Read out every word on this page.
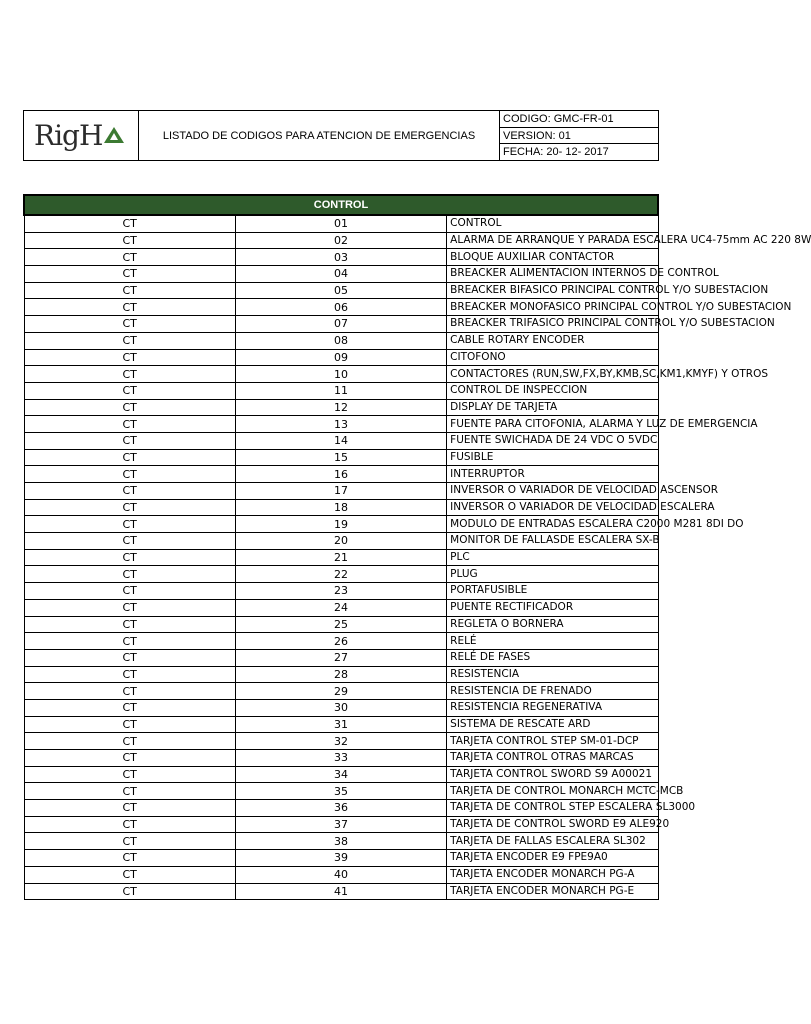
RigH	LISTADO DE CODIGOS PARA ATENCION DE EMERGENCIAS
CODIGO: GMC-FR-01
VERSION: 01
FECHA: 20- 12- 2017
CONTROL		
CT	01	CONTROL
CT	02	ALARMA DE ARRANQUE Y PARADA ESCALERA UC4-75mm AC 220 8W
CT	03	BLOQUE AUXILIAR CONTACTOR
CT	04	BREACKER ALIMENTACION INTERNOS DE CONTROL
CT	05	BREACKER BIFASICO PRINCIPAL CONTROL Y/O SUBESTACION
CT	06	BREACKER MONOFASICO PRINCIPAL CONTROL Y/O SUBESTACION
CT	07	BREACKER TRIFASICO PRINCIPAL CONTROL Y/O SUBESTACION
CT	08	CABLE ROTARY ENCODER
CT	09	CITOFONO
CT	10	CONTACTORES (RUN,SW,FX,BY,KMB,SC,KM1,KMYF) Y OTROS
CT	11	CONTROL DE INSPECCION
CT	12	DISPLAY DE TARJETA
CT	13	FUENTE PARA CITOFONIA, ALARMA Y LUZ DE EMERGENCIA
CT	14	FUENTE SWICHADA DE 24 VDC O 5VDC
CT	15	FUSIBLE
CT	16	INTERRUPTOR
CT	17	INVERSOR O VARIADOR DE VELOCIDAD ASCENSOR
CT	18	INVERSOR O VARIADOR DE VELOCIDAD ESCALERA
CT	19	MODULO DE ENTRADAS ESCALERA C2000 M281 8DI DO
CT	20	MONITOR DE FALLASDE ESCALERA SX-B
CT	21	PLC
CT	22	PLUG
CT	23	PORTAFUSIBLE
CT	24	PUENTE RECTIFICADOR
CT	25	REGLETA O BORNERA
CT	26	RELÉ
CT	27	RELÉ DE FASES
CT	28	RESISTENCIA
CT	29	RESISTENCIA DE FRENADO
CT	30	RESISTENCIA REGENERATIVA
CT	31	SISTEMA DE RESCATE ARD
CT	32	TARJETA CONTROL STEP SM-01-DCP
CT	33	TARJETA CONTROL OTRAS MARCAS
CT	34	TARJETA CONTROL SWORD S9 A00021
CT	35	TARJETA DE CONTROL MONARCH MCTC-MCB
CT	36	TARJETA DE CONTROL STEP ESCALERA SL3000
CT	37	TARJETA DE CONTROL SWORD E9 ALE920
CT	38	TARJETA DE FALLAS ESCALERA SL302
CT	39	TARJETA ENCODER E9 FPE9A0
CT	40	TARJETA ENCODER MONARCH PG-A
CT	41	TARJETA ENCODER MONARCH PG-E
